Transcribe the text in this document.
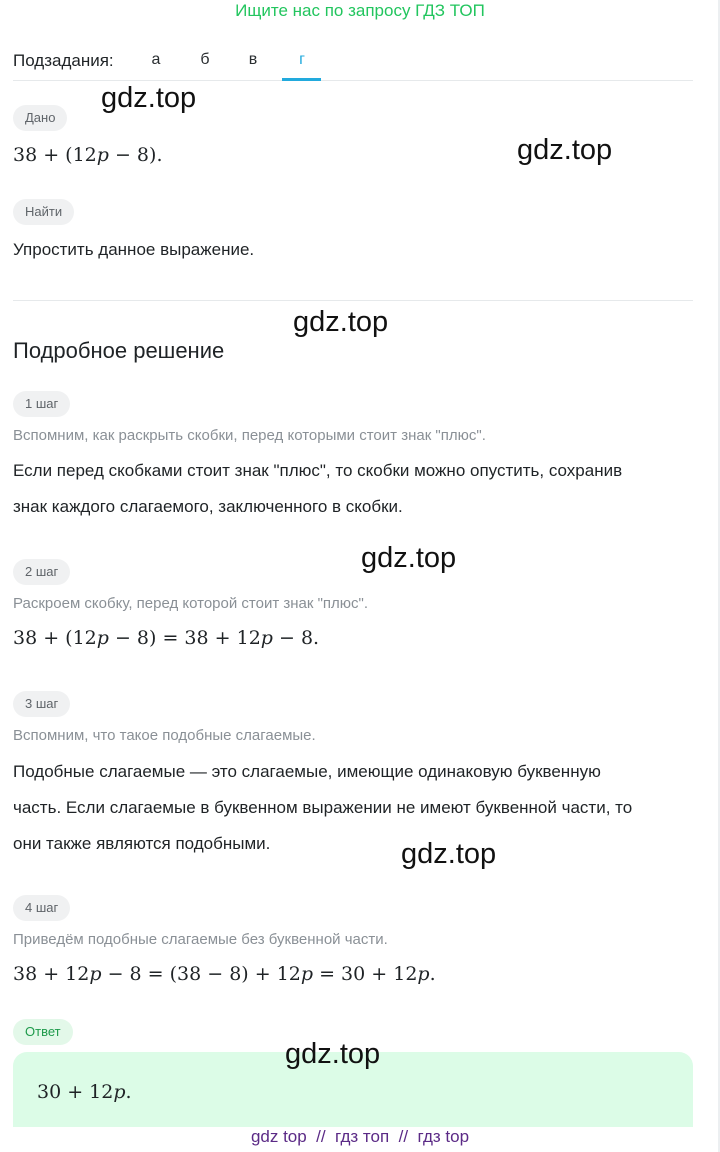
Ищите нас по запросу ГДЗ ТОП
Подзадания:	а	б	в	г
Дано
38 + (12p − 8).
Найти
Упростить данное выражение.
Подробное решение
1 шаг
Вспомним, как раскрыть скобки, перед которыми стоит знак "плюс".
Если перед скобками стоит знак "плюс", то скобки можно опустить, сохранив
знак каждого слагаемого, заключенного в скобки.
2 шаг
Раскроем скобку, перед которой стоит знак "плюс".
38 + (12p − 8) = 38 + 12p − 8.
3 шаг
Вспомним, что такое подобные слагаемые.
Подобные слагаемые — это слагаемые, имеющие одинаковую буквенную
часть. Если слагаемые в буквенном выражении не имеют буквенной части, то
они также являются подобными.
4 шаг
Приведём подобные слагаемые без буквенной части.
38 + 12p − 8 = (38 − 8) + 12p = 30 + 12p.
Ответ
30 + 12p.
gdz.top
gdz.top
gdz.top
gdz.top
gdz.top
gdz.top
gdz top  //  гдз топ  //  гдз top
